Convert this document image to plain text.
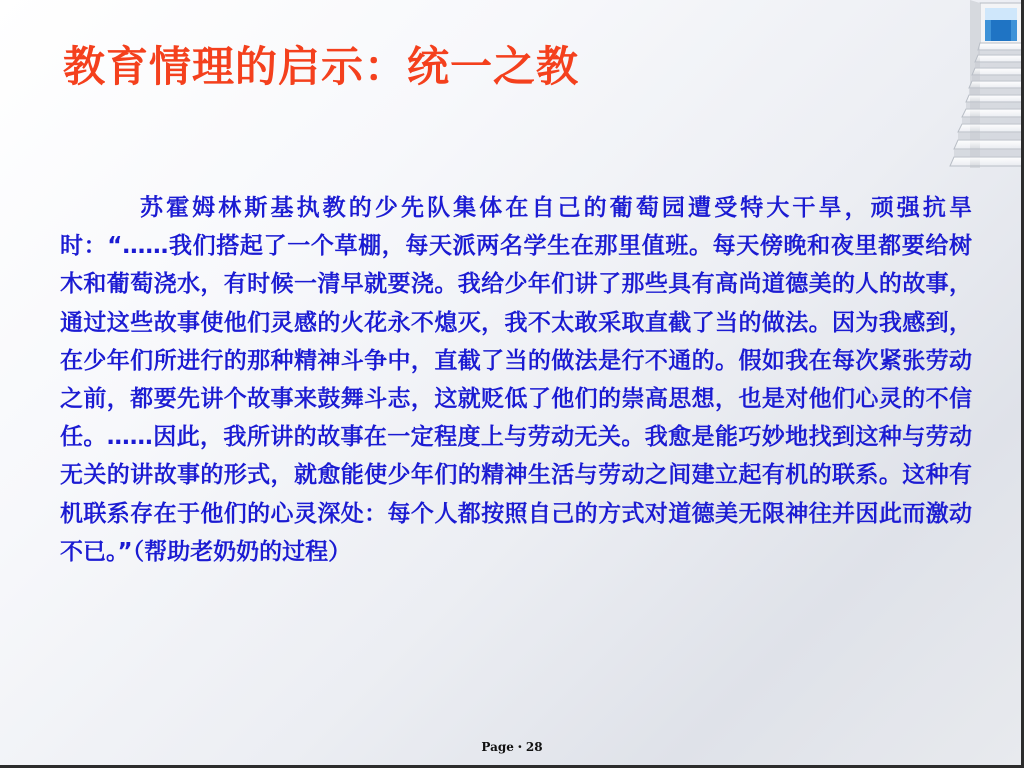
教育情理的启示：统一之教

苏霍姆林斯基执教的少先队集体在自己的葡萄园遭受特大干旱，顽强抗旱时：“……我们搭起了一个草棚，每天派两名学生在那里值班。每天傍晚和夜里都要给树木和葡萄浇水，有时候一清早就要浇。我给少年们讲了那些具有高尚道德美的人的故事，通过这些故事使他们灵感的火花永不熄灭，我不太敢采取直截了当的做法。因为我感到，在少年们所进行的那种精神斗争中，直截了当的做法是行不通的。假如我在每次紧张劳动之前，都要先讲个故事来鼓舞斗志，这就贬低了他们的崇高思想，也是对他们心灵的不信任。……因此，我所讲的故事在一定程度上与劳动无关。我愈是能巧妙地找到这种与劳动无关的讲故事的形式，就愈能使少年们的精神生活与劳动之间建立起有机的联系。这种有机联系存在于他们的心灵深处：每个人都按照自己的方式对道德美无限神往并因此而激动不已。”（帮助老奶奶的过程）

Page・28
